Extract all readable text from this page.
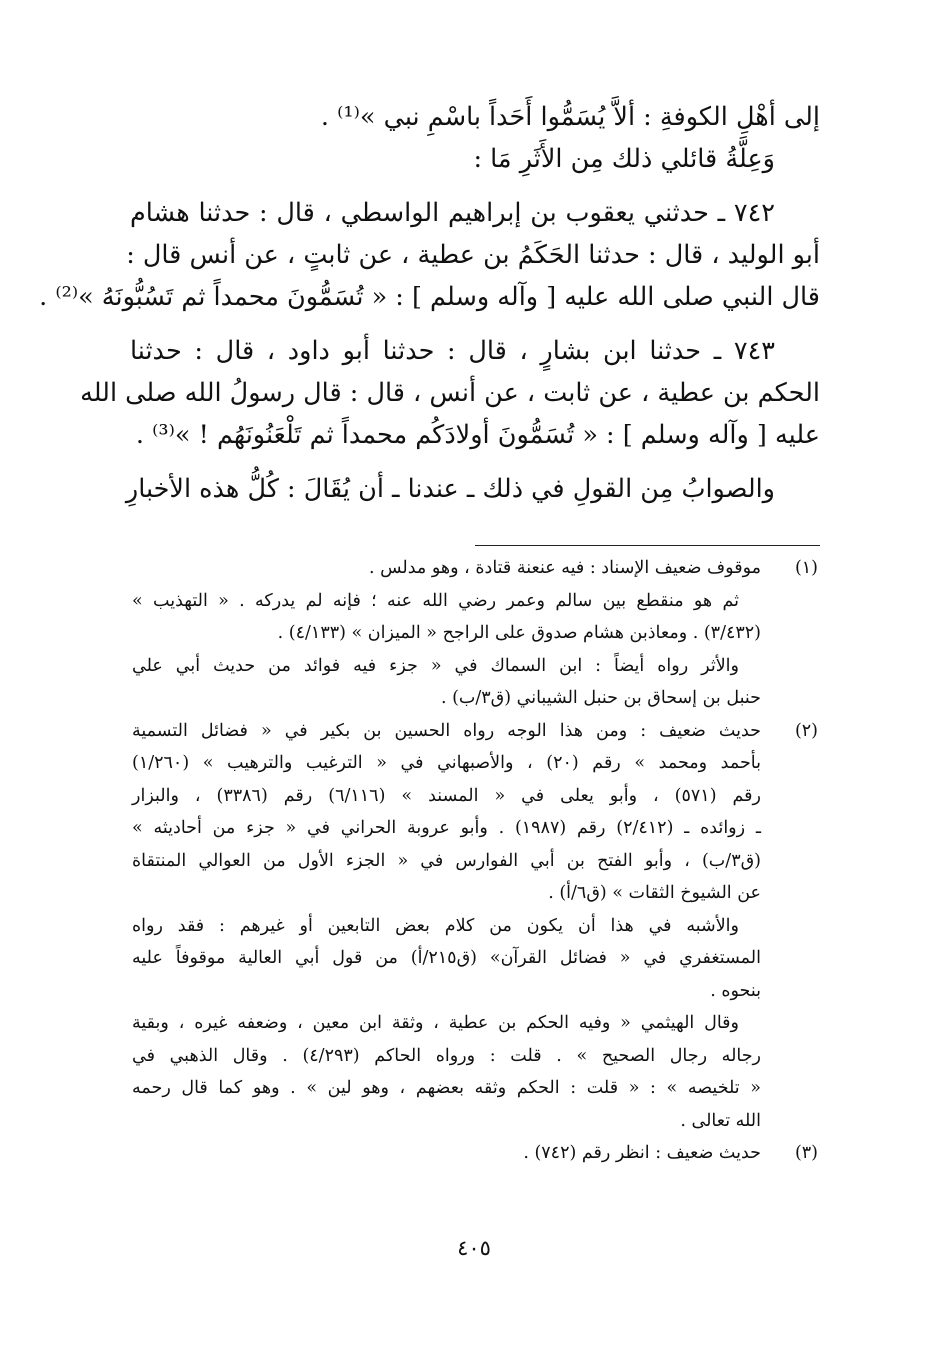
إلى أهْلِ الكوفةِ : ألاَّ يُسَمُّوا أَحَداً باسْمِ نبي »⁽¹⁾ .
وَعِلَّةُ قائلي ذلك مِن الأَثَرِ مَا :
٧٤٢ ـ حدثني يعقوب بن إبراهيم الواسطي ، قال : حدثنا هشام
أبو الوليد ، قال : حدثنا الحَكَمُ بن عطية ، عن ثابتٍ ، عن أنس قال :
قال النبي صلى الله عليه [ وآله وسلم ] : « تُسَمُّونَ محمداً ثم تَسُبُّونَهُ »⁽²⁾ .
٧٤٣ ـ حدثنا ابن بشارٍ ، قال : حدثنا أبو داود ، قال : حدثنا
الحكم بن عطية ، عن ثابت ، عن أنس ، قال : قال رسولُ الله صلى الله
عليه [ وآله وسلم ] : « تُسَمُّونَ أولادَكُم محمداً ثم تَلْعَنُونَهُم ! »⁽³⁾ .
والصوابُ مِن القولِ في ذلك ـ عندنا ـ أن يُقَالَ : كُلُّ هذه الأخبارِ
(١)
موقوف ضعيف الإسناد : فيه عنعنة قتادة ، وهو مدلس .
ثم هو منقطع بين سالم وعمر رضي الله عنه ؛ فإنه لم يدركه . « التهذيب »
(٣/٤٣٢) . ومعاذبن هشام صدوق على الراجح « الميزان » (٤/١٣٣) .
والأثر رواه أيضاً : ابن السماك في « جزء فيه فوائد من حديث أبي علي
حنبل بن إسحاق بن حنبل الشيباني (ق٣/ب) .
(٢)
حديث ضعيف : ومن هذا الوجه رواه الحسين بن بكير في « فضائل التسمية
بأحمد ومحمد » رقم (٢٠) ، والأصبهاني في « الترغيب والترهيب » (١/٢٦٠)
رقم (٥٧١) ، وأبو يعلى في « المسند » (٦/١١٦) رقم (٣٣٨٦) ، والبزار
ـ زوائده ـ (٢/٤١٢) رقم (١٩٨٧) . وأبو عروبة الحراني في « جزء من أحاديثه »
(ق٣/ب) ، وأبو الفتح بن أبي الفوارس في « الجزء الأول من العوالي المنتقاة
عن الشيوخ الثقات » (ق٦/أ) .
والأشبه في هذا أن يكون من كلام بعض التابعين أو غيرهم : فقد رواه
المستغفري في « فضائل القرآن» (ق٢١٥/أ) من قول أبي العالية موقوفاً عليه
بنحوه .
وقال الهيثمي « وفيه الحكم بن عطية ، وثقة ابن معين ، وضعفه غيره ، وبقية
رجاله رجال الصحيح » . قلت : ورواه الحاكم (٤/٢٩٣) . وقال الذهبي في
« تلخيصه » : « قلت : الحكم وثقه بعضهم ، وهو لين » . وهو كما قال رحمه
الله تعالى .
(٣)
حديث ضعيف : انظر رقم (٧٤٢) .
٤٠٥
